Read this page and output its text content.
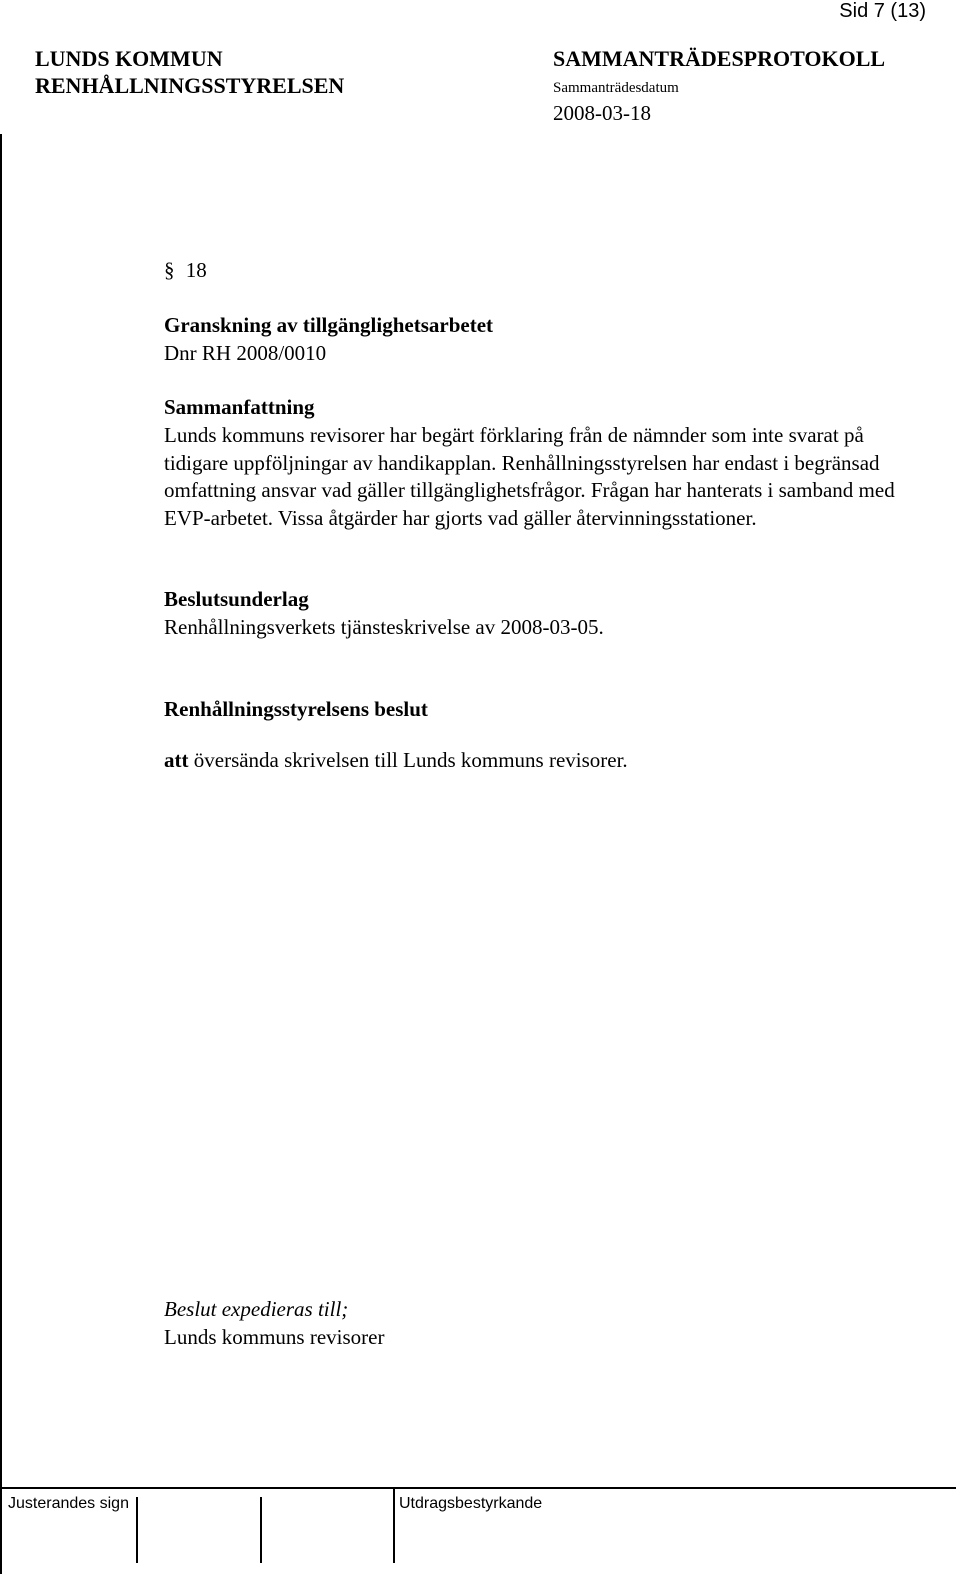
Sid 7 (13)
LUNDS KOMMUN
RENHÅLLNINGSSTYRELSEN
SAMMANTRÄDESPROTOKOLL
Sammanträdesdatum
2008-03-18
§ 18
Granskning av tillgänglighetsarbetet
Dnr RH 2008/0010
Sammanfattning
Lunds kommuns revisorer har begärt förklaring från de nämnder som inte svarat på tidigare uppföljningar av handikapplan. Renhållningsstyrelsen har endast i begränsad omfattning ansvar vad gäller tillgänglighetsfrågor. Frågan har hanterats i samband med EVP-arbetet. Vissa åtgärder har gjorts vad gäller återvinningsstationer.
Beslutsunderlag
Renhållningsverkets tjänsteskrivelse av 2008-03-05.
Renhållningsstyrelsens beslut
att översända skrivelsen till Lunds kommuns revisorer.
Beslut expedieras till;
Lunds kommuns revisorer
Justerandes sign	Utdragsbestyrkande
